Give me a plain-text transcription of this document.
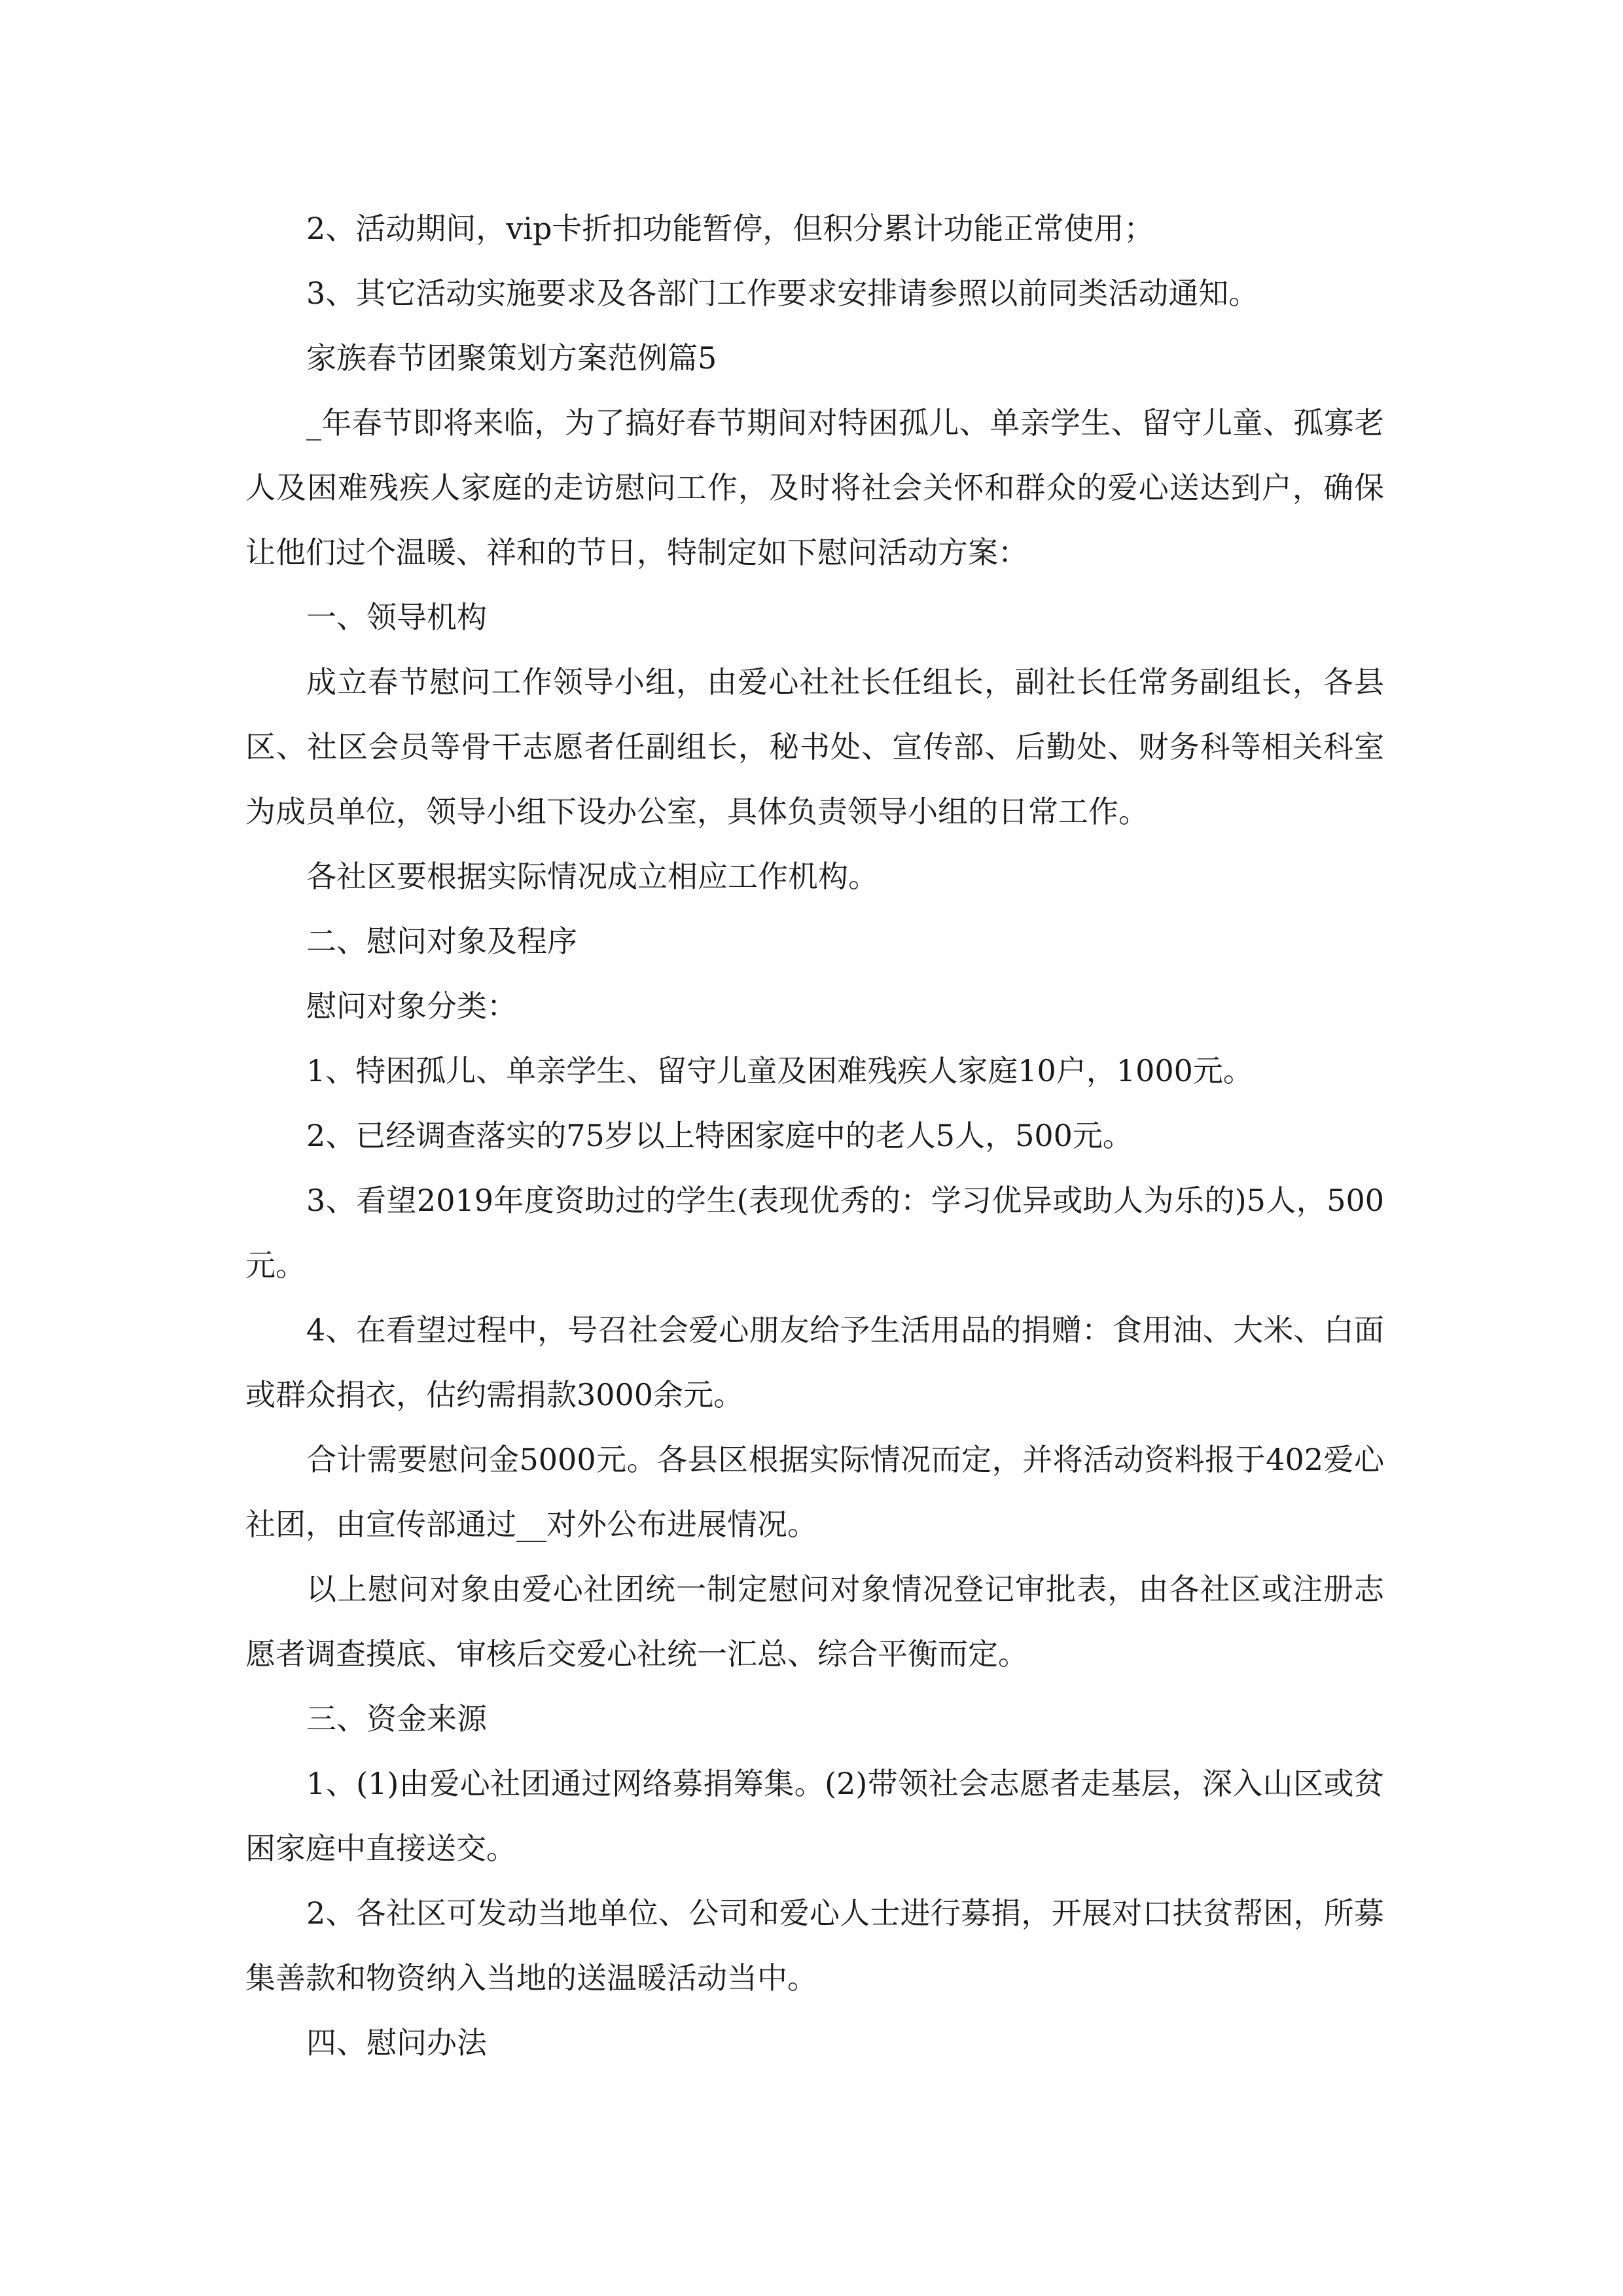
2、活动期间，vip卡折扣功能暂停，但积分累计功能正常使用；

3、其它活动实施要求及各部门工作要求安排请参照以前同类活动通知。

家族春节团聚策划方案范例篇5

_年春节即将来临，为了搞好春节期间对特困孤儿、单亲学生、留守儿童、孤寡老人及困难残疾人家庭的走访慰问工作，及时将社会关怀和群众的爱心送达到户，确保让他们过个温暖、祥和的节日，特制定如下慰问活动方案：

一、领导机构

成立春节慰问工作领导小组，由爱心社社长任组长，副社长任常务副组长，各县区、社区会员等骨干志愿者任副组长，秘书处、宣传部、后勤处、财务科等相关科室为成员单位，领导小组下设办公室，具体负责领导小组的日常工作。

各社区要根据实际情况成立相应工作机构。

二、慰问对象及程序

慰问对象分类：

1、特困孤儿、单亲学生、留守儿童及困难残疾人家庭10户，1000元。

2、已经调查落实的75岁以上特困家庭中的老人5人，500元。

3、看望2019年度资助过的学生(表现优秀的：学习优异或助人为乐的)5人，500元。

4、在看望过程中，号召社会爱心朋友给予生活用品的捐赠：食用油、大米、白面或群众捐衣，估约需捐款3000余元。

合计需要慰问金5000元。各县区根据实际情况而定，并将活动资料报于402爱心社团，由宣传部通过__对外公布进展情况。

以上慰问对象由爱心社团统一制定慰问对象情况登记审批表，由各社区或注册志愿者调查摸底、审核后交爱心社统一汇总、综合平衡而定。

三、资金来源

1、(1)由爱心社团通过网络募捐筹集。(2)带领社会志愿者走基层，深入山区或贫困家庭中直接送交。

2、各社区可发动当地单位、公司和爱心人士进行募捐，开展对口扶贫帮困，所募集善款和物资纳入当地的送温暖活动当中。

四、慰问办法
